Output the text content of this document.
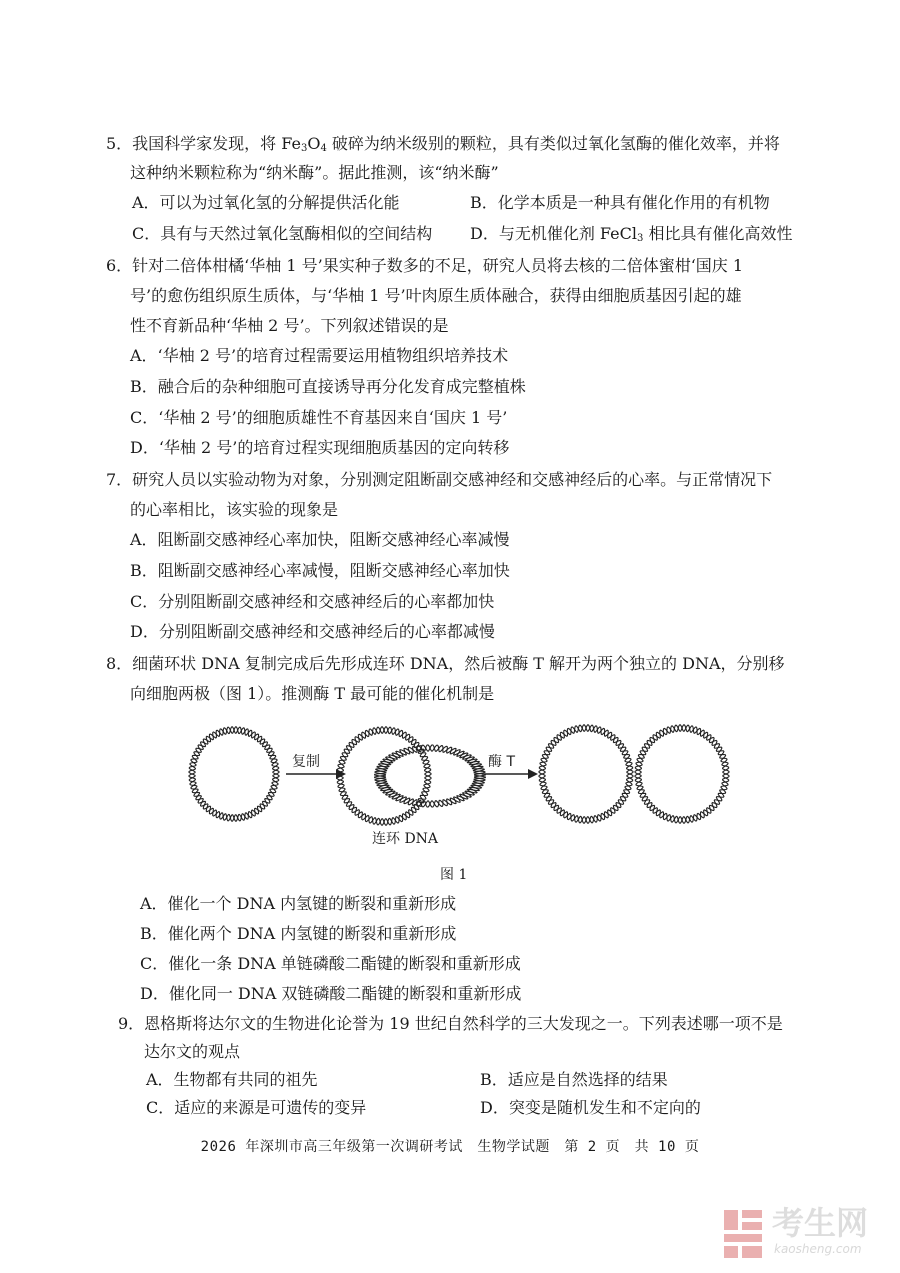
5．我国科学家发现，将 $Fe_3O_4$ 破碎为纳米级别的颗粒，具有类似过氧化氢酶的催化效率，并将
这种纳米颗粒称为“纳米酶”。据此推测，该“纳米酶”
A．可以为过氧化氢的分解提供活化能	B．化学本质是一种具有催化作用的有机物
C．具有与天然过氧化氢酶相似的空间结构 D．与无机催化剂 FeCl$_3$ 相比具有催化高效性
6．针对二倍体柑橘‘华柚 1 号’果实种子数多的不足，研究人员将去核的二倍体蜜柑‘国庆 1
号’的愈伤组织原生质体，与‘华柚 1 号’叶肉原生质体融合，获得由细胞质基因引起的雄
性不育新品种‘华柚 2 号’。下列叙述错误的是
A．‘华柚 2 号’的培育过程需要运用植物组织培养技术
B．融合后的杂种细胞可直接诱导再分化发育成完整植株
C．‘华柚 2 号’的细胞质雄性不育基因来自‘国庆 1 号’
D．‘华柚 2 号’的培育过程实现细胞质基因的定向转移
7．研究人员以实验动物为对象，分别测定阻断副交感神经和交感神经后的心率。与正常情况下
的心率相比，该实验的现象是
A．阻断副交感神经心率加快，阻断交感神经心率减慢
B．阻断副交感神经心率减慢，阻断交感神经心率加快
C．分别阻断副交感神经和交感神经后的心率都加快
D．分别阻断副交感神经和交感神经后的心率都减慢
8．细菌环状 DNA 复制完成后先形成连环 DNA，然后被酶 T 解开为两个独立的 DNA，分别移
向细胞两极（图 1）。推测酶 T 最可能的催化机制是
复制	酶 T
连环 DNA
图 1
A．催化一个 DNA 内氢键的断裂和重新形成
B．催化两个 DNA 内氢键的断裂和重新形成
C．催化一条 DNA 单链磷酸二酯键的断裂和重新形成
D．催化同一 DNA 双链磷酸二酯键的断裂和重新形成
9．恩格斯将达尔文的生物进化论誉为 19 世纪自然科学的三大发现之一。下列表述哪一项不是
达尔文的观点
A．生物都有共同的祖先	B．适应是自然选择的结果
C．适应的来源是可遗传的变异	D．突变是随机发生和不定向的
2026 年深圳市高三年级第一次调研考试　生物学试题　第 2 页　共 10 页
考生网
kaosheng.com
